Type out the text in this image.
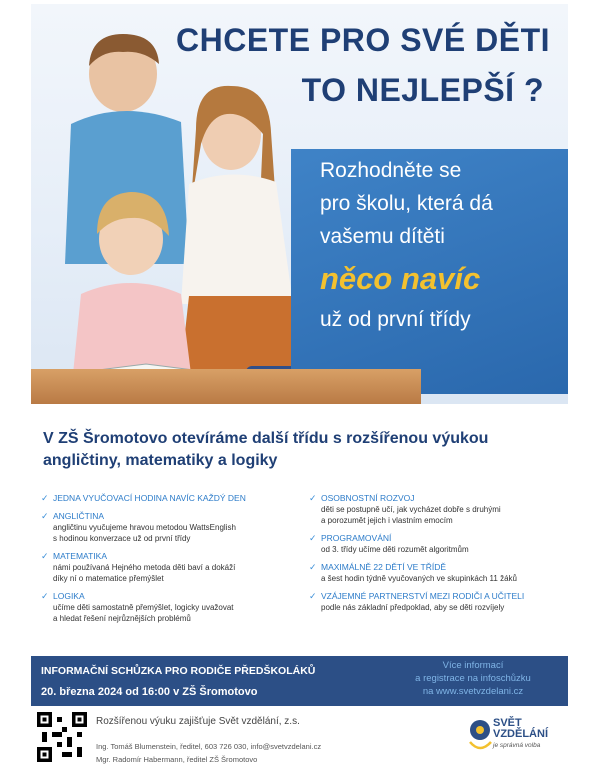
CHCETE PRO SVÉ DĚTI
TO NEJLEPŠÍ ?
Rozhodněte se
pro školu, která dá
vašemu dítěti
něco navíc
už od první třídy
V ZŠ Šromotovo otevíráme další třídu s rozšířenou výukou
angličtiny, matematiky a logiky
✓ JEDNA VYUČOVACÍ HODINA NAVÍC KAŽDÝ DEN
✓ ANGLIČTINA
angličtinu vyučujeme hravou metodou WattsEnglish
s hodinou konverzace už od první třídy
✓ MATEMATIKA
námi používaná Hejného metoda děti baví a dokáží
díky ní o matematice přemýšlet
✓ LOGIKA
učíme děti samostatně přemýšlet, logicky uvažovat
a hledat řešení nejrůznějších problémů
✓ OSOBNOSTNÍ ROZVOJ
děti se postupně učí, jak vycházet dobře s druhými
a porozumět jejich i vlastním emocím
✓ PROGRAMOVÁNÍ
od 3. třídy učíme děti rozumět algoritmům
✓ MAXIMÁLNĚ 22 DĚTÍ VE TŘÍDĚ
a šest hodin týdně vyučovaných ve skupinkách 11 žáků
✓ VZÁJEMNÉ PARTNERSTVÍ MEZI RODIČI A UČITELI
podle nás základní předpoklad, aby se děti rozvíjely
INFORMAČNÍ SCHŮZKA PRO RODIČE PŘEDŠKOLÁKŮ
20. března 2024 od 16:00 v ZŠ Šromotovo
Více informací
a registrace na infoschůzku
na www.svetvzdelani.cz
Rozšířenou výuku zajišťuje Svět vzdělání, z.s.
Ing. Tomáš Blumenstein, ředitel, 603 726 030, info@svetvzdelani.cz
Mgr. Radomír Habermann, ředitel ZŠ Šromotovo
SVĚT
VZDĚLÁNÍ
je správná volba
